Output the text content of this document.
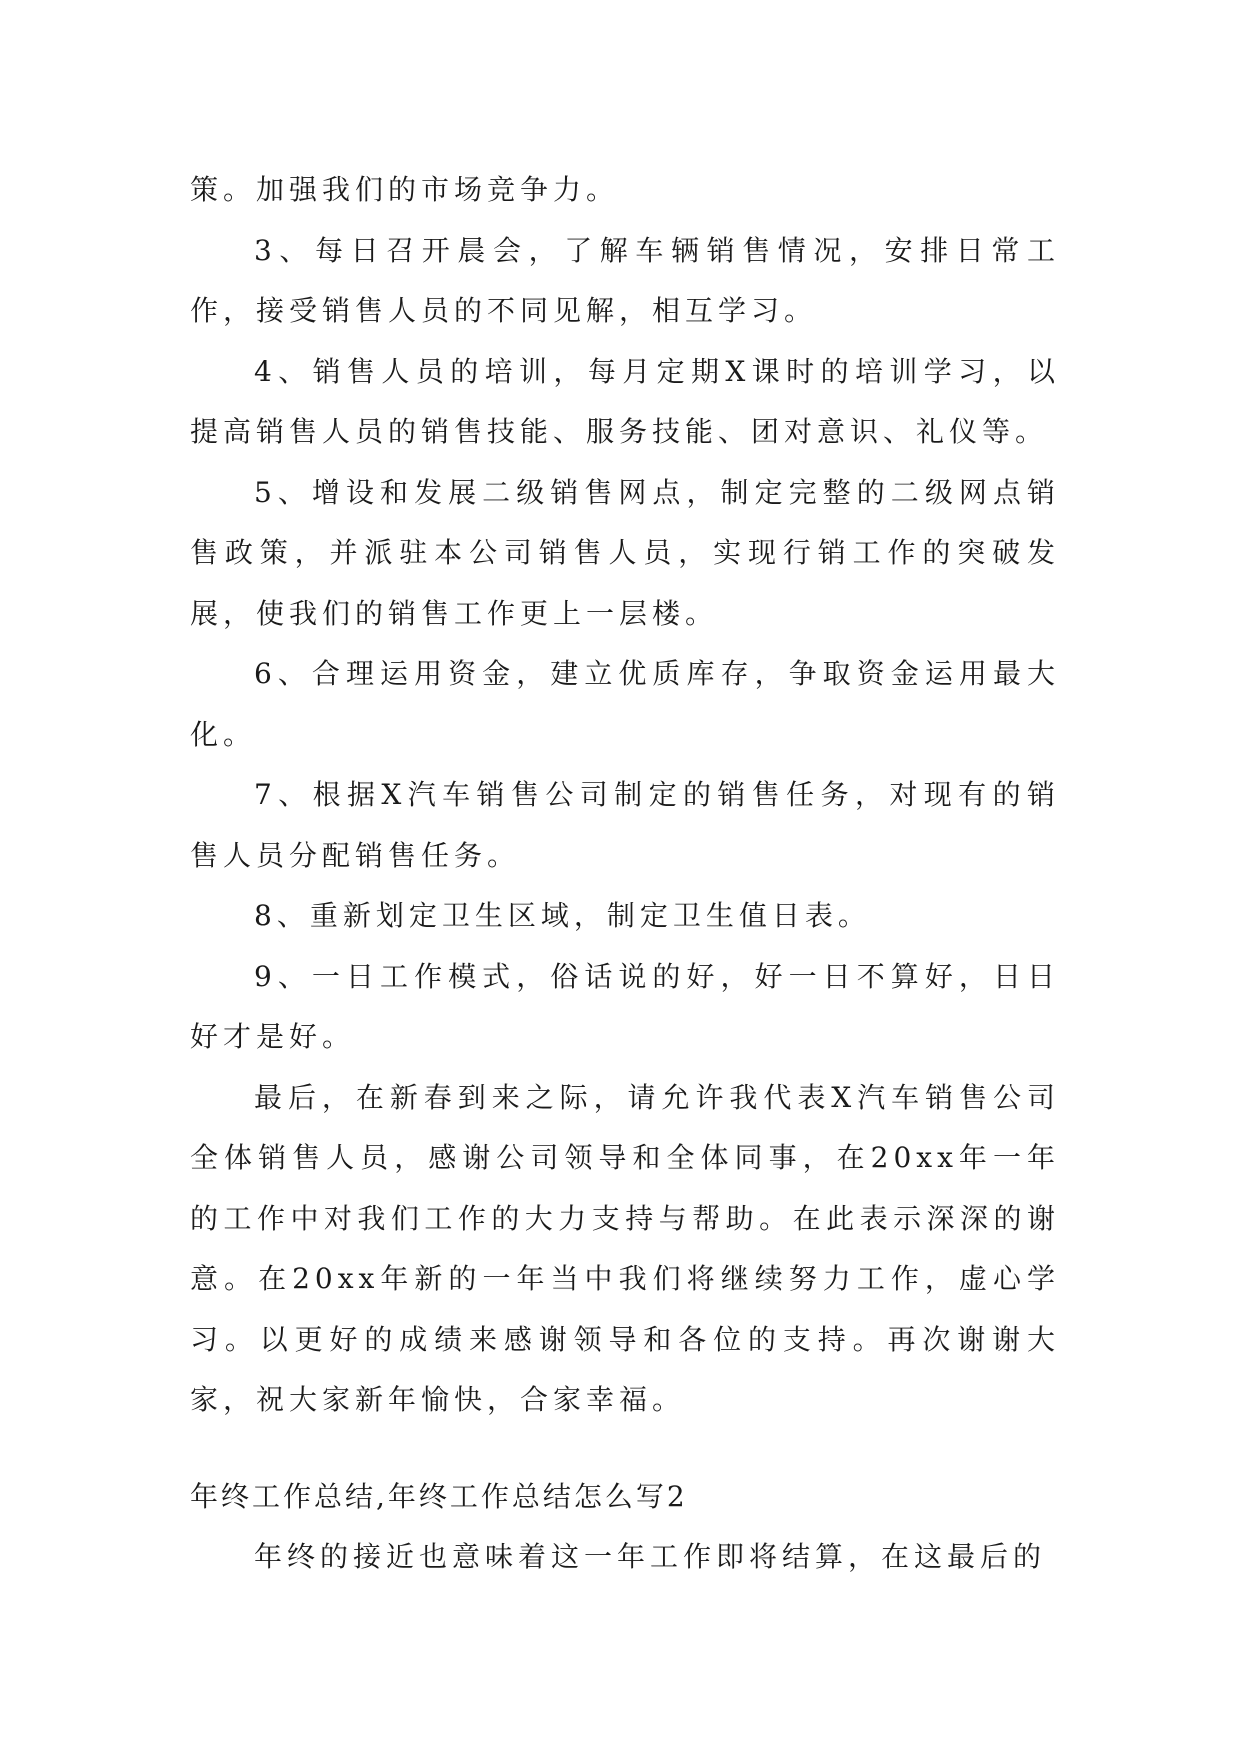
策。加强我们的市场竞争力。

3、每日召开晨会，了解车辆销售情况，安排日常工作，接受销售人员的不同见解，相互学习。

4、销售人员的培训，每月定期X课时的培训学习，以提高销售人员的销售技能、服务技能、团对意识、礼仪等。

5、增设和发展二级销售网点，制定完整的二级网点销售政策，并派驻本公司销售人员，实现行销工作的突破发展，使我们的销售工作更上一层楼。

6、合理运用资金，建立优质库存，争取资金运用最大化。

7、根据X汽车销售公司制定的销售任务，对现有的销售人员分配销售任务。

8、重新划定卫生区域，制定卫生值日表。

9、一日工作模式，俗话说的好，好一日不算好，日日好才是好。

最后，在新春到来之际，请允许我代表X汽车销售公司全体销售人员，感谢公司领导和全体同事，在20xx年一年的工作中对我们工作的大力支持与帮助。在此表示深深的谢意。在20xx年新的一年当中我们将继续努力工作，虚心学习。以更好的成绩来感谢领导和各位的支持。再次谢谢大家，祝大家新年愉快，合家幸福。

年终工作总结,年终工作总结怎么写2

年终的接近也意味着这一年工作即将结算，在这最后的
